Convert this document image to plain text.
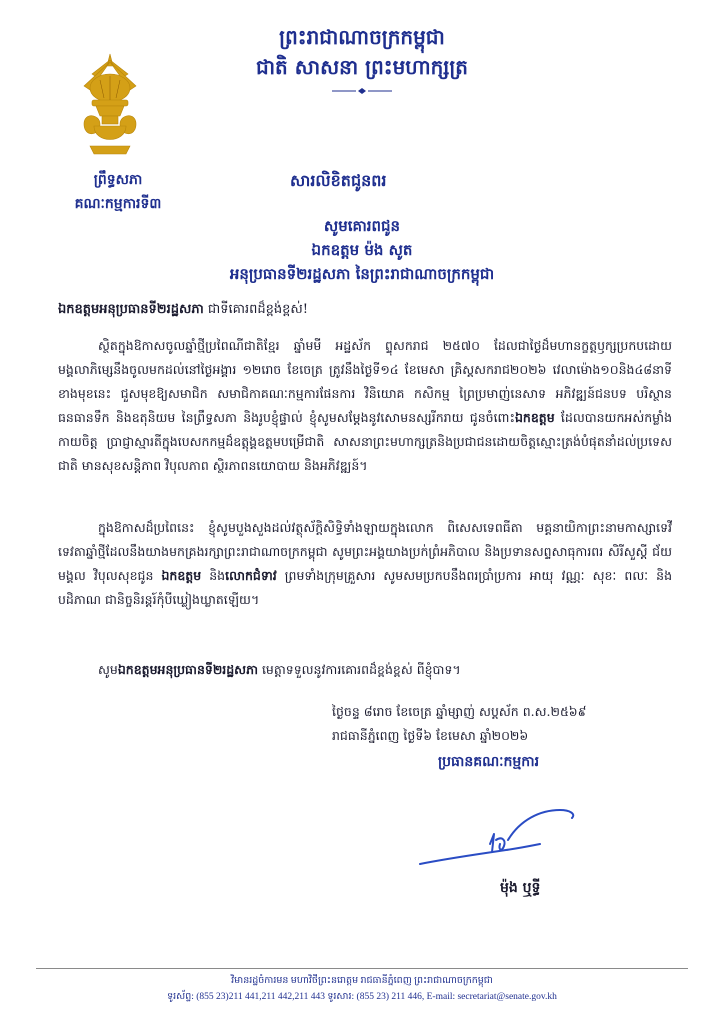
ព្រះរាជាណាចក្រកម្ពុជា
ជាតិ សាសនា ព្រះមហាក្សត្រ
ព្រឹទ្ធសភា
គណៈកម្មការទី៣
សារលិខិតជូនពរ
សូមគោរពជូន
ឯកឧត្តម ម៉ង សូត
អនុប្រធានទី២រដ្ឋសភា នៃព្រះរាជាណាចក្រកម្ពុជា
ឯកឧត្តមអនុប្រធានទី២រដ្ឋសភា ជាទីគោរពដ៏ខ្ពង់ខ្ពស់!
ស្ថិតក្នុងឱកាសចូលឆ្នាំថ្មីប្រពៃណីជាតិខ្មែរ ឆ្នាំមមី អដ្ឋស័ក ព្ទុសករាជ ២៥៧០ ដែលជាថ្ងៃដ៏មហានក្ខត្តឫក្សប្រកបដោយមង្គលាភិម្សេនឹងចូលមកដល់នៅថ្ងៃអង្គារ ១២រោច ខែចេត្រ ត្រូវនឹងថ្ងៃទី១៤ ខែមេសា គ្រិស្តសករាជ២០២៦ វេលាម៉ោង១០និង៤៨នាទី ខាងមុខនេះ ជួសមុខឱ្យសមាជិក សមាជិកាគណៈកម្មការផែនការ វិនិយោគ កសិកម្ម ព្រៃប្រមាញ់នេសាទ អភិវឌ្ឍន៍ជនបទ បរិស្ថាន ធនធានទឹក និងឧតុនិយម នៃព្រឹទ្ធសភា និងរូបខ្ញុំផ្ទាល់ ខ្ញុំសូមសម្តែងនូវសោមនស្សរីករាយ ជូនចំពោះឯកឧត្តម ដែលបានយកអស់កម្លាំង កាយចិត្ត ប្រាជ្ញាស្មារតីក្នុងបេសកកម្មដ៏ឧត្តុង្គឧត្តមបម្រើជាតិ សាសនាព្រះមហាក្សត្រនិងប្រជាជនដោយចិត្តស្មោះត្រង់បំផុតនាំដល់ប្រទេសជាតិ មានសុខសន្តិភាព វិបុលភាព ស្ថិរភាពនយោបាយ និងអភិវឌ្ឍន៍។
ក្នុងឱកាសដ៏ប្រពៃនេះ ខ្ញុំសូមបួងសួងដល់វត្ថុស័ក្តិសិទ្ធិទាំងឡាយក្នុងលោក ពិសេសទេពធីតា មគ្គនាយិកាព្រះនាមកាស្សាទេវី ទេវតាឆ្នាំថ្មីដែលនឹងយាងមកគ្រងរក្សាព្រះរាជាណាចក្រកម្ពុជា សូមព្រះអង្គយាងប្រក់ព្រំអភិបាល និងប្រទានសព្ទសាធុការពរ សិរីសួស្តី ជ័យមង្គល វិបុលសុខជូន ឯកឧត្តម និងលោកជំទាវ ព្រមទាំងក្រុមគ្រួសារ សូមសមប្រកបនឹងពរប្រាំប្រការ អាយុ វណ្ណៈ សុខៈ ពលៈ និងបដិភាណ ជានិច្ចនិរន្តរ៍កុំបីឃ្លៀងឃ្លាតឡើយ។
សូមឯកឧត្តមអនុប្រធានទី២រដ្ឋសភា មេត្តាទទួលនូវការគោរពដ៏ខ្ពង់ខ្ពស់ ពីខ្ញុំបាទ។
ថ្ងៃចន្ទ ៨រោច ខែចេត្រ ឆ្នាំម្សាញ់ សប្តស័ក ព.ស.២៥៦៩
រាជធានីភ្នំពេញ ថ្ងៃទី៦ ខែមេសា ឆ្នាំ២០២៦
ប្រធានគណៈកម្មការ
ម៉ុង ឬទ្ធី
វិមានរដ្ឋចំការមន មហាវិថីព្រះនរោត្តម រាជធានីភ្នំពេញ ព្រះរាជាណាចក្រកម្ពុជា
ទូរស័ព្ទ: (855 23)211 441,211 442,211 443 ទូរសារ: (855 23) 211 446, E-mail: secretariat@senate.gov.kh
